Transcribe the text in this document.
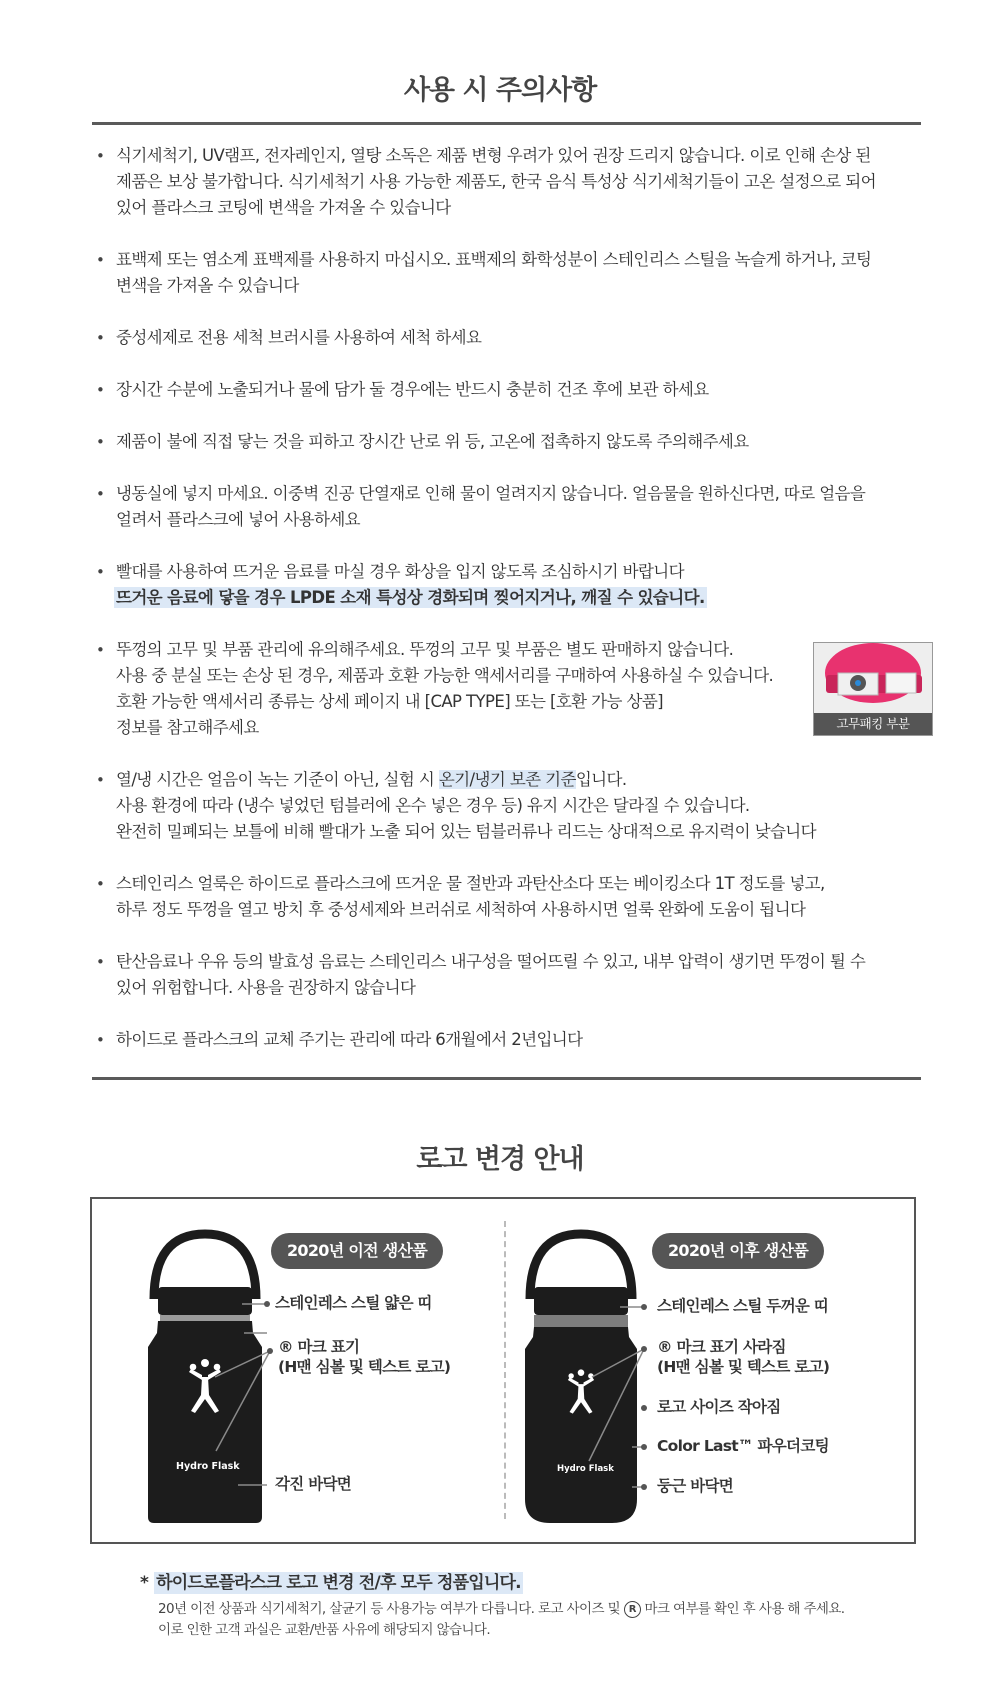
사용 시 주의사항
• 식기세척기, UV램프, 전자레인지, 열탕 소독은 제품 변형 우려가 있어 권장 드리지 않습니다. 이로 인해 손상 된
제품은 보상 불가합니다. 식기세척기 사용 가능한 제품도, 한국 음식 특성상 식기세척기들이 고온 설정으로 되어
있어 플라스크 코팅에 변색을 가져올 수 있습니다
• 표백제 또는 염소계 표백제를 사용하지 마십시오. 표백제의 화학성분이 스테인리스 스틸을 녹슬게 하거나, 코팅
변색을 가져올 수 있습니다
• 중성세제로 전용 세척 브러시를 사용하여 세척 하세요
• 장시간 수분에 노출되거나 물에 담가 둘 경우에는 반드시 충분히 건조 후에 보관 하세요
• 제품이 불에 직접 닿는 것을 피하고 장시간 난로 위 등, 고온에 접촉하지 않도록 주의해주세요
• 냉동실에 넣지 마세요. 이중벽 진공 단열재로 인해 물이 얼려지지 않습니다. 얼음물을 원하신다면, 따로 얼음을
얼려서 플라스크에 넣어 사용하세요
• 빨대를 사용하여 뜨거운 음료를 마실 경우 화상을 입지 않도록 조심하시기 바랍니다
뜨거운 음료에 닿을 경우 LPDE 소재 특성상 경화되며 찢어지거나, 깨질 수 있습니다.
• 뚜껑의 고무 및 부품 관리에 유의해주세요. 뚜껑의 고무 및 부품은 별도 판매하지 않습니다.
사용 중 분실 또는 손상 된 경우, 제품과 호환 가능한 액세서리를 구매하여 사용하실 수 있습니다.
호환 가능한 액세서리 종류는 상세 페이지 내 [CAP TYPE] 또는 [호환 가능 상품]
정보를 참고해주세요
• 열/냉 시간은 얼음이 녹는 기준이 아닌, 실험 시 온기/냉기 보존 기준입니다.
사용 환경에 따라 (냉수 넣었던 텀블러에 온수 넣은 경우 등) 유지 시간은 달라질 수 있습니다.
완전히 밀폐되는 보틀에 비해 빨대가 노출 되어 있는 텀블러류나 리드는 상대적으로 유지력이 낮습니다
• 스테인리스 얼룩은 하이드로 플라스크에 뜨거운 물 절반과 과탄산소다 또는 베이킹소다 1T 정도를 넣고,
하루 정도 뚜껑을 열고 방치 후 중성세제와 브러쉬로 세척하여 사용하시면 얼룩 완화에 도움이 됩니다
• 탄산음료나 우유 등의 발효성 음료는 스테인리스 내구성을 떨어뜨릴 수 있고, 내부 압력이 생기면 뚜껑이 튈 수
있어 위험합니다. 사용을 권장하지 않습니다
• 하이드로 플라스크의 교체 주기는 관리에 따라 6개월에서 2년입니다
고무패킹 부분
로고 변경 안내
Hydro Flask	Hydro Flask
2020년 이전 생산품	2020년 이후 생산품
스테인레스 스틸 얇은 띠
® 마크 표기
(H맨 심볼 및 텍스트 로고)
각진 바닥면
스테인레스 스틸 두꺼운 띠
® 마크 표기 사라짐
(H맨 심볼 및 텍스트 로고)
로고 사이즈 작아짐
Color Last™ 파우더코팅
둥근 바닥면
* 하이드로플라스크 로고 변경 전/후 모두 정품입니다.
20년 이전 상품과 식기세척기, 살균기 등 사용가능 여부가 다릅니다. 로고 사이즈 및 R 마크 여부를 확인 후 사용 해 주세요.
이로 인한 고객 과실은 교환/반품 사유에 해당되지 않습니다.
